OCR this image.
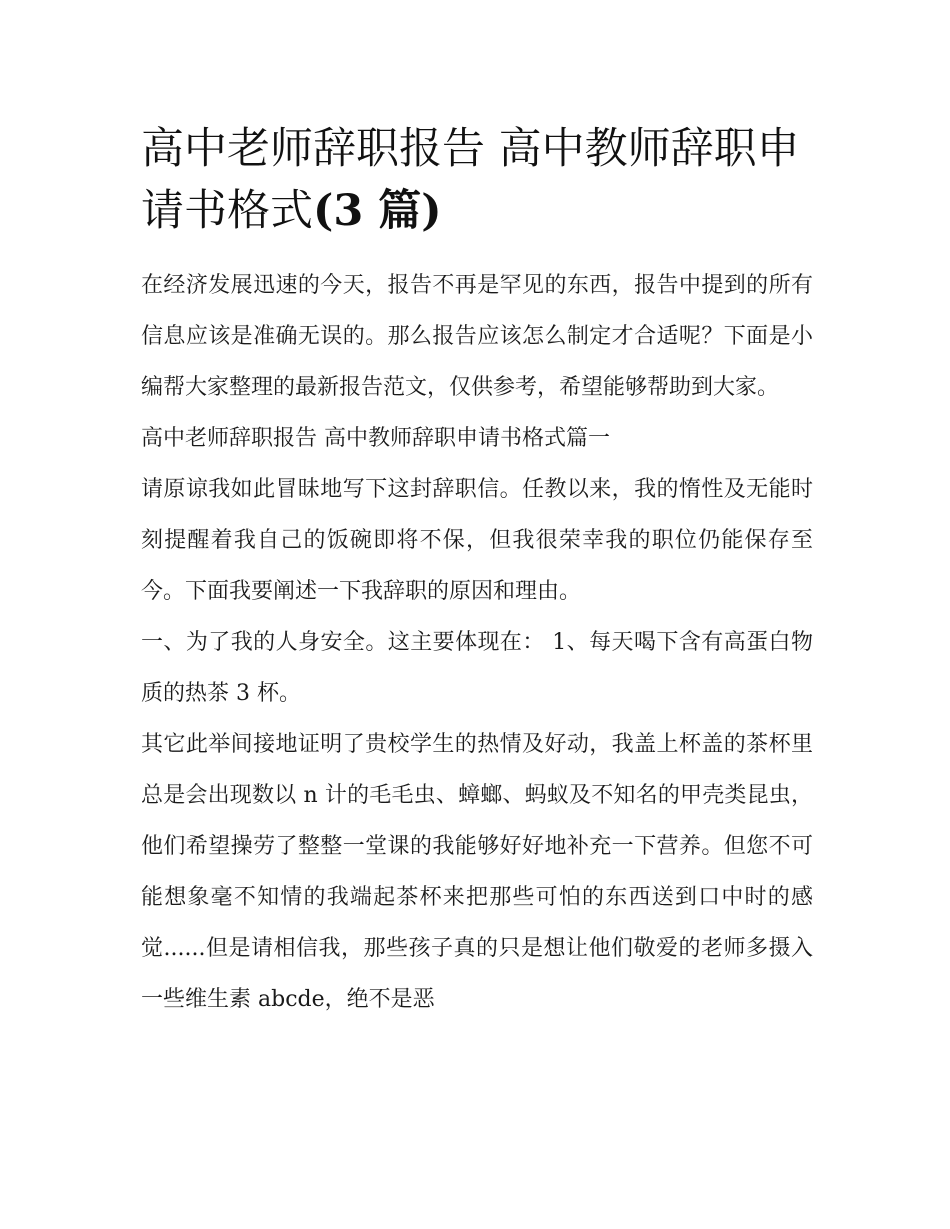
高中老师辞职报告 高中教师辞职申请书格式(3 篇)

在经济发展迅速的今天，报告不再是罕见的东西，报告中提到的所有信息应该是准确无误的。那么报告应该怎么制定才合适呢？下面是小编帮大家整理的最新报告范文，仅供参考，希望能够帮助到大家。

高中老师辞职报告 高中教师辞职申请书格式篇一

请原谅我如此冒昧地写下这封辞职信。任教以来，我的惰性及无能时刻提醒着我自己的饭碗即将不保，但我很荣幸我的职位仍能保存至今。下面我要阐述一下我辞职的原因和理由。

一、为了我的人身安全。这主要体现在： 1、每天喝下含有高蛋白物质的热茶 3 杯。

其它此举间接地证明了贵校学生的热情及好动，我盖上杯盖的茶杯里总是会出现数以 n 计的毛毛虫、蟑螂、蚂蚁及不知名的甲壳类昆虫，他们希望操劳了整整一堂课的我能够好好地补充一下营养。但您不可能想象毫不知情的我端起茶杯来把那些可怕的东西送到口中时的感觉......但是请相信我，那些孩子真的只是想让他们敬爱的老师多摄入一些维生素 abcde，绝不是恶
